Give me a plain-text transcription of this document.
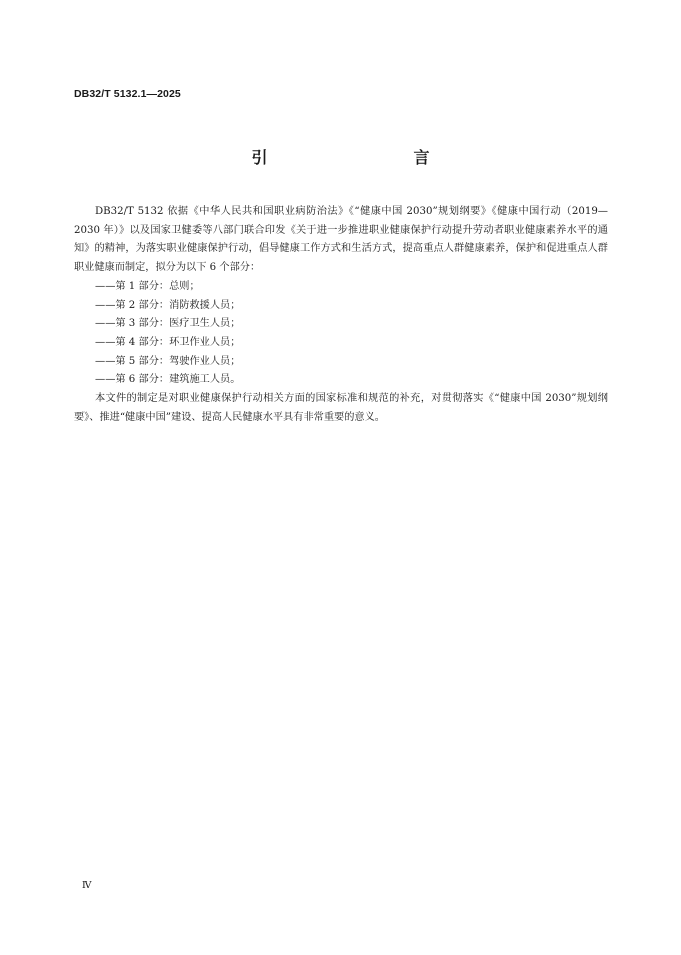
DB32/T 5132.1—2025
引　　言

DB32/T 5132 依据《中华人民共和国职业病防治法》《“健康中国 2030”规划纲要》《健康中国行动（2019—2030 年）》以及国家卫健委等八部门联合印发《关于进一步推进职业健康保护行动提升劳动者职业健康素养水平的通知》的精神，为落实职业健康保护行动，倡导健康工作方式和生活方式，提高重点人群健康素养，保护和促进重点人群职业健康而制定，拟分为以下 6 个部分：

——第 1 部分：总则；
——第 2 部分：消防救援人员；
——第 3 部分：医疗卫生人员；
——第 4 部分：环卫作业人员；
——第 5 部分：驾驶作业人员；
——第 6 部分：建筑施工人员。

本文件的制定是对职业健康保护行动相关方面的国家标准和规范的补充，对贯彻落实《“健康中国 2030”规划纲要》、推进“健康中国”建设、提高人民健康水平具有非常重要的意义。

Ⅳ
